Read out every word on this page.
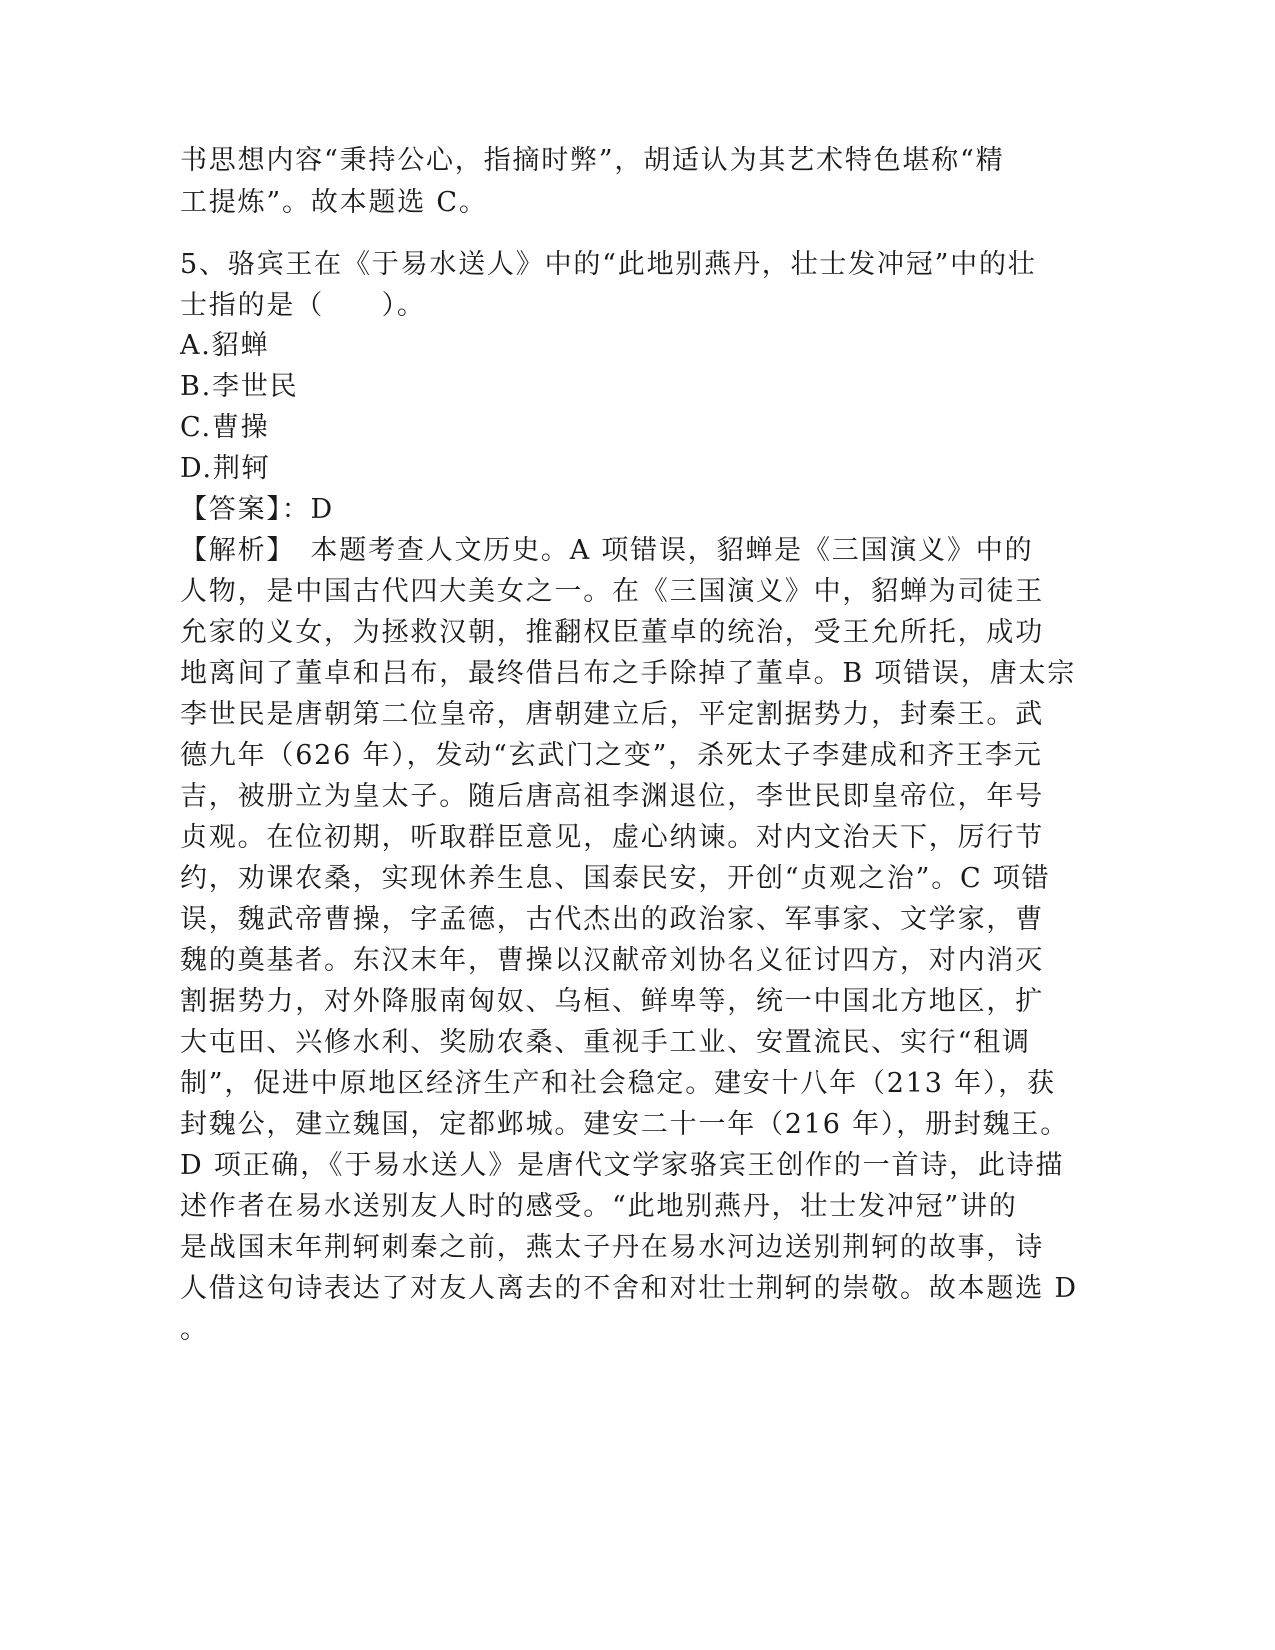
书思想内容“秉持公心，指摘时弊”，胡适认为其艺术特色堪称“精
工提炼”。故本题选 C。
5、骆宾王在《于易水送人》中的“此地别燕丹，壮士发冲冠”中的壮
士指的是（　　）。
A.貂蝉
B.李世民
C.曹操
D.荆轲
【答案】：D
【解析】　本题考查人文历史。A 项错误，貂蝉是《三国演义》中的
人物，是中国古代四大美女之一。在《三国演义》中，貂蝉为司徒王
允家的义女，为拯救汉朝，推翻权臣董卓的统治，受王允所托，成功
地离间了董卓和吕布，最终借吕布之手除掉了董卓。B 项错误，唐太宗
李世民是唐朝第二位皇帝，唐朝建立后，平定割据势力，封秦王。武
德九年（626 年），发动“玄武门之变”，杀死太子李建成和齐王李元
吉，被册立为皇太子。随后唐高祖李渊退位，李世民即皇帝位，年号
贞观。在位初期，听取群臣意见，虚心纳谏。对内文治天下，厉行节
约，劝课农桑，实现休养生息、国泰民安，开创“贞观之治”。C 项错
误，魏武帝曹操，字孟德，古代杰出的政治家、军事家、文学家，曹
魏的奠基者。东汉末年，曹操以汉献帝刘协名义征讨四方，对内消灭
割据势力，对外降服南匈奴、乌桓、鲜卑等，统一中国北方地区，扩
大屯田、兴修水利、奖励农桑、重视手工业、安置流民、实行“租调
制”，促进中原地区经济生产和社会稳定。建安十八年（213 年），获
封魏公，建立魏国，定都邺城。建安二十一年（216 年），册封魏王。
D 项正确，《于易水送人》是唐代文学家骆宾王创作的一首诗，此诗描
述作者在易水送别友人时的感受。“此地别燕丹，壮士发冲冠”讲的
是战国末年荆轲刺秦之前，燕太子丹在易水河边送别荆轲的故事，诗
人借这句诗表达了对友人离去的不舍和对壮士荆轲的崇敬。故本题选 D
。
